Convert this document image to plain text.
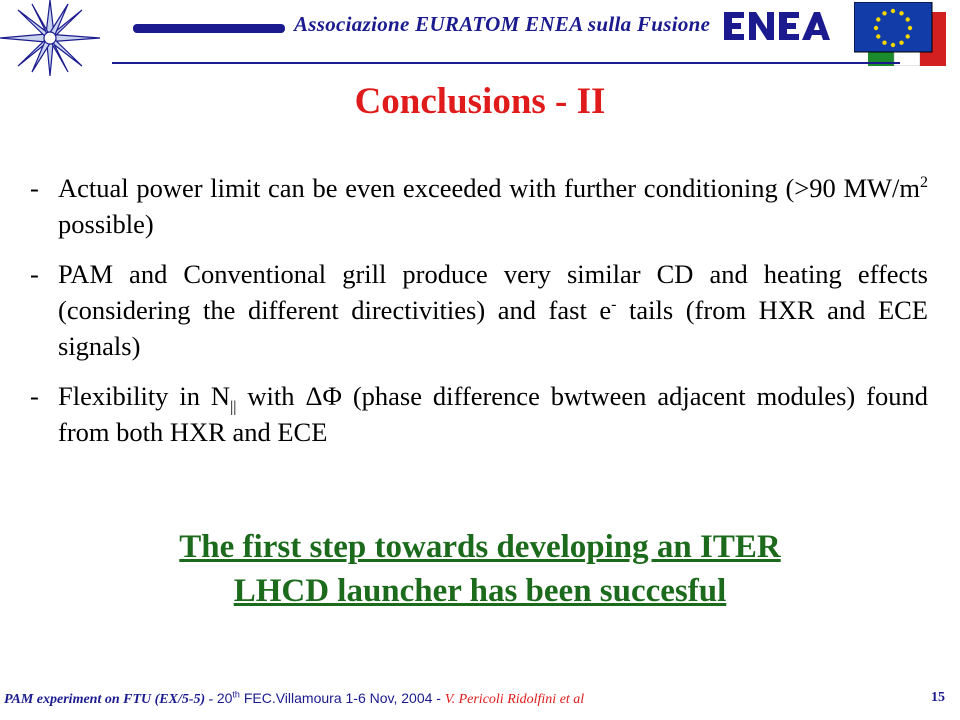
Associazione EURATOM ENEA sulla Fusione
Conclusions - II
- Actual power limit can be even exceeded with further conditioning (>90 $MW/m^2$ possible)
- PAM and Conventional grill produce very similar CD and heating effects (considering the different directivities) and fast e- tails (from HXR and ECE signals)
- Flexibility in $N_{||}$ with ΔΦ (phase difference bwtween adjacent modules) found from both HXR and ECE
The first step towards developing an ITER
LHCD launcher has been succesful
PAM experiment on FTU (EX/5-5) - 20th FEC.Villamoura 1-6 Nov, 2004 - V. Pericoli Ridolfini et al	15
